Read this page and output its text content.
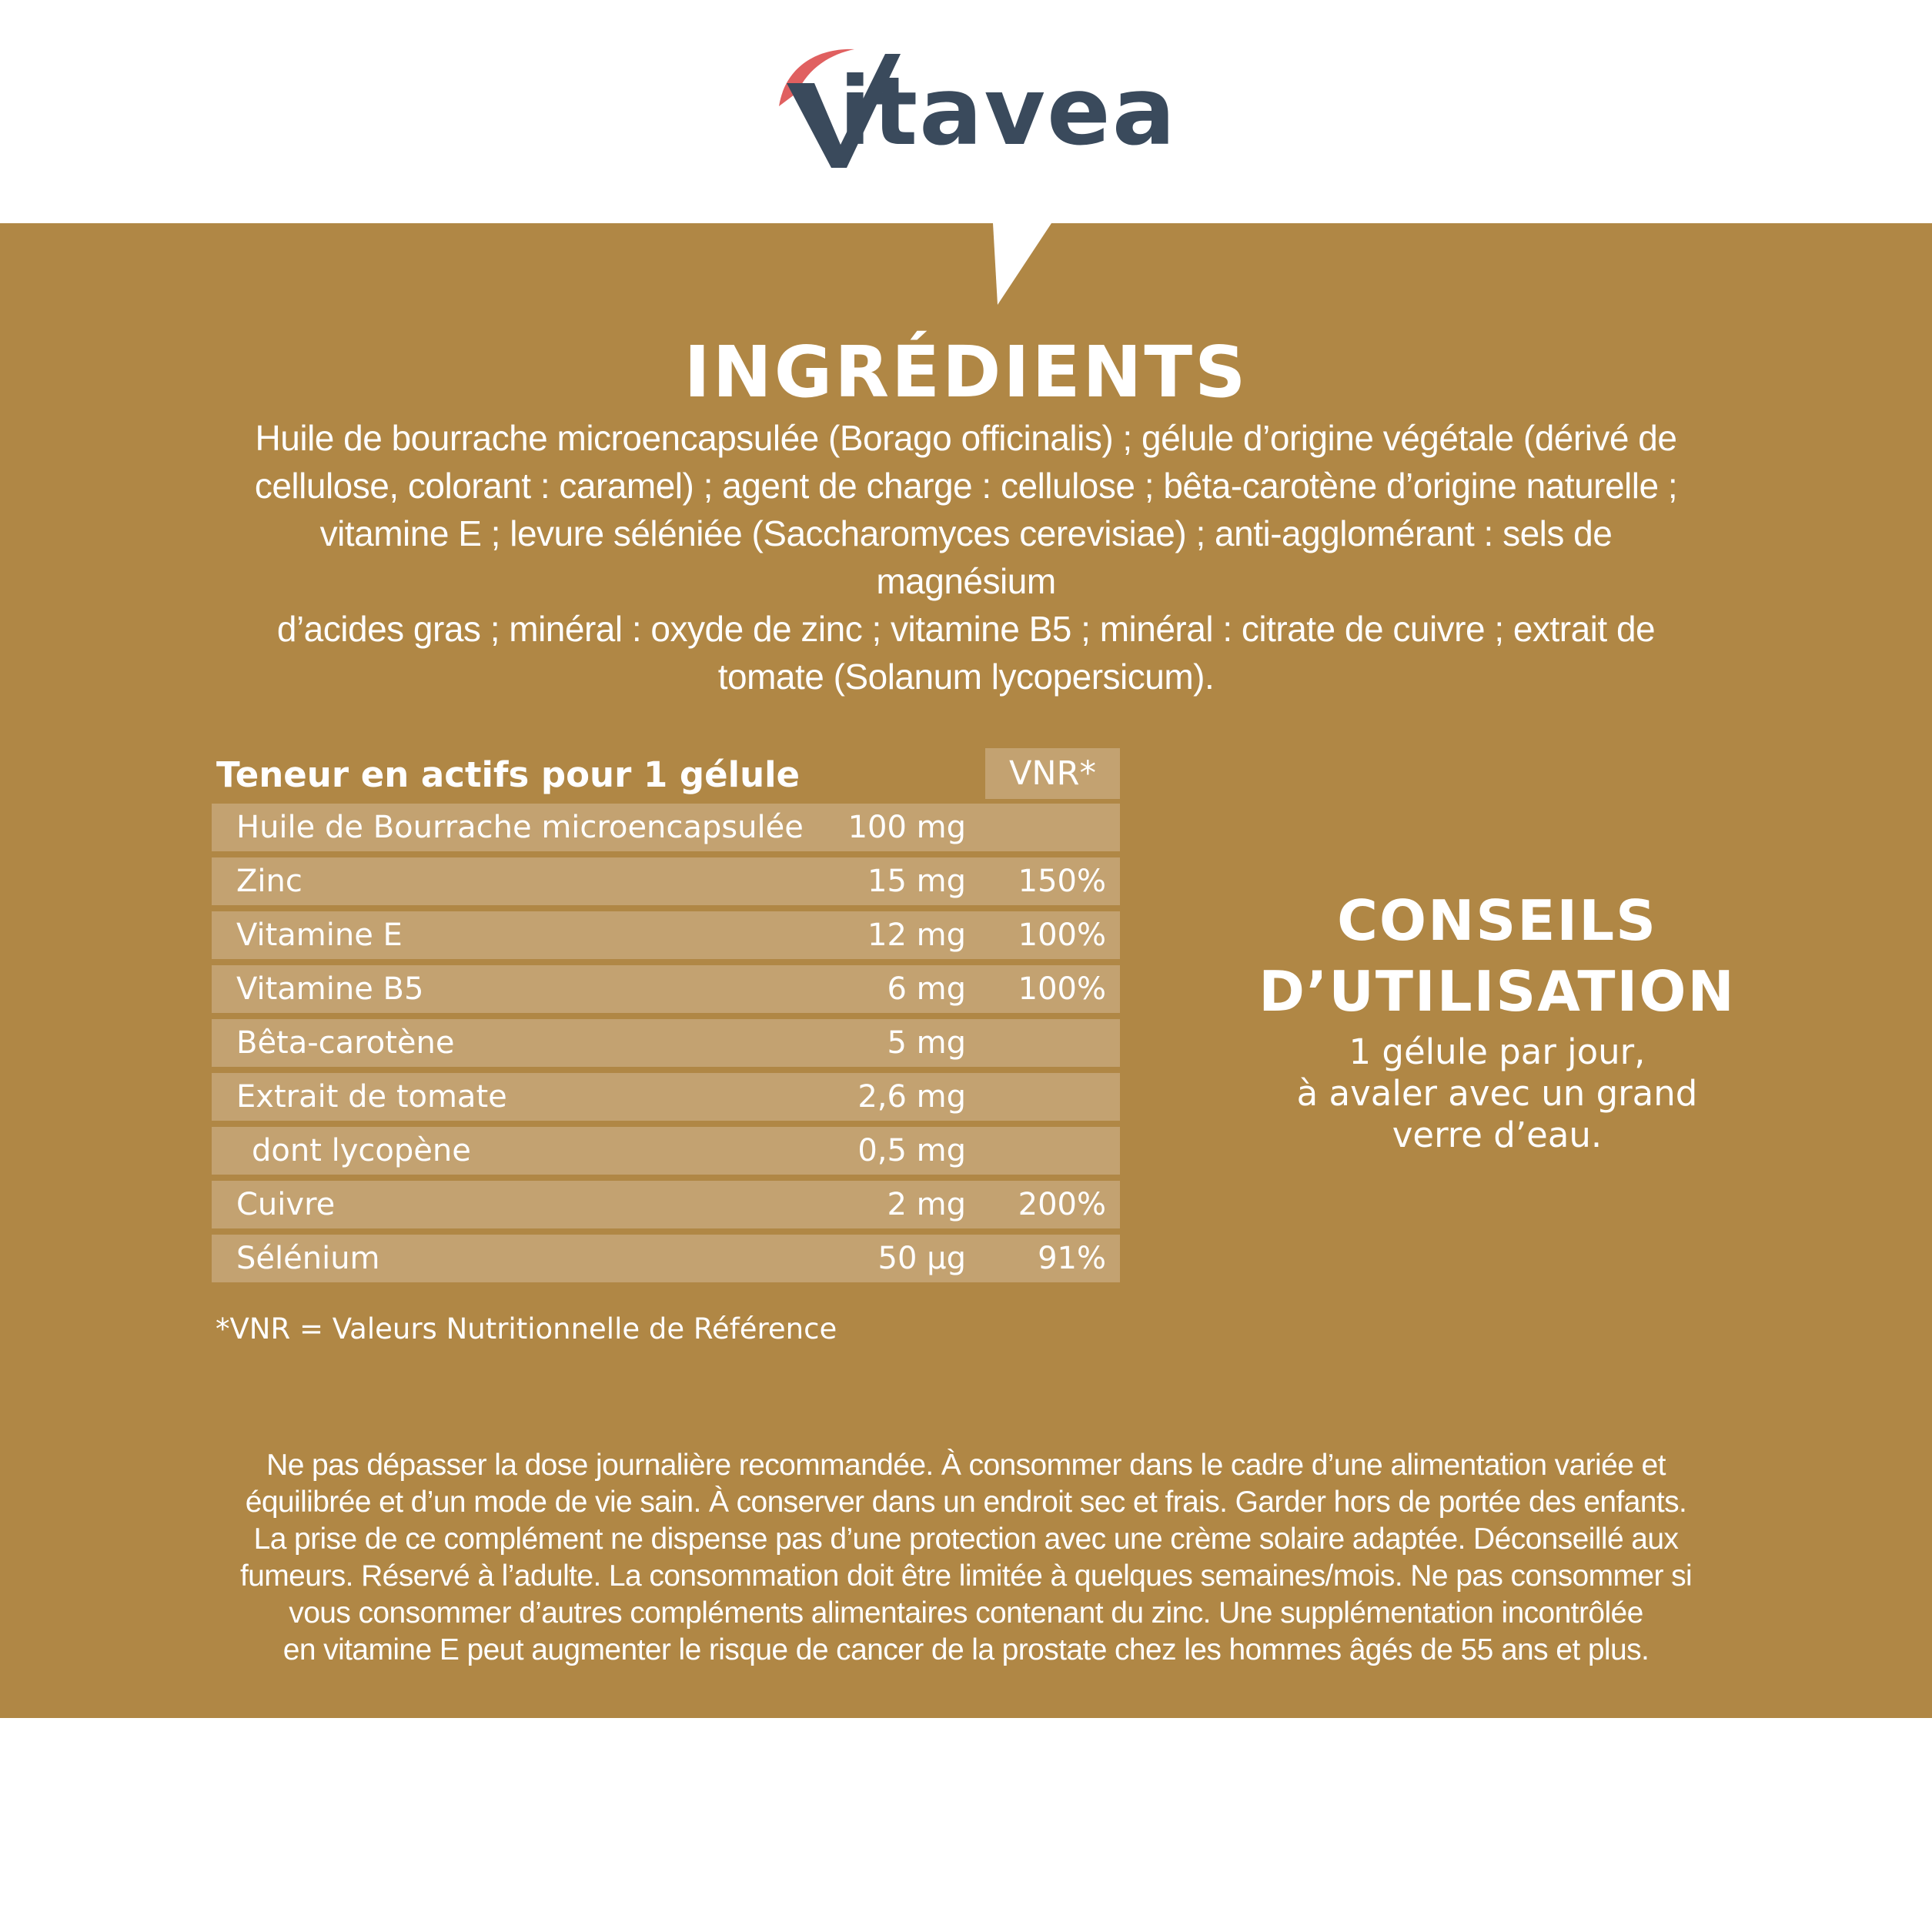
itavea
INGRÉDIENTS
Huile de bourrache microencapsulée (Borago officinalis) ; gélule d’origine végétale (dérivé de
cellulose, colorant : caramel) ; agent de charge : cellulose ; bêta-carotène d’origine naturelle ;
vitamine E ; levure séléniée (Saccharomyces cerevisiae) ; anti-agglomérant : sels de magnésium
d’acides gras ; minéral : oxyde de zinc ; vitamine B5 ; minéral : citrate de cuivre ; extrait de
tomate (Solanum lycopersicum).
Teneur en actifs pour 1 gélule	VNR*
Huile de Bourrache microencapsulée 100 mg
Zinc	15 mg 150%
Vitamine E	12 mg 100%
Vitamine B5	6 mg 100%
Bêta-carotène	5 mg
Extrait de tomate	2,6 mg
dont lycopène	0,5 mg
Cuivre	2 mg 200%
Sélénium	50 µg 91%
*VNR = Valeurs Nutritionnelle de Référence
CONSEILS
D’UTILISATION
1 gélule par jour,
à avaler avec un grand
verre d’eau.
Ne pas dépasser la dose journalière recommandée. À consommer dans le cadre d’une alimentation variée et
équilibrée et d’un mode de vie sain. À conserver dans un endroit sec et frais. Garder hors de portée des enfants.
La prise de ce complément ne dispense pas d’une protection avec une crème solaire adaptée. Déconseillé aux
fumeurs. Réservé à l’adulte. La consommation doit être limitée à quelques semaines/mois. Ne pas consommer si
vous consommer d’autres compléments alimentaires contenant du zinc. Une supplémentation incontrôlée
en vitamine E peut augmenter le risque de cancer de la prostate chez les hommes âgés de 55 ans et plus.
